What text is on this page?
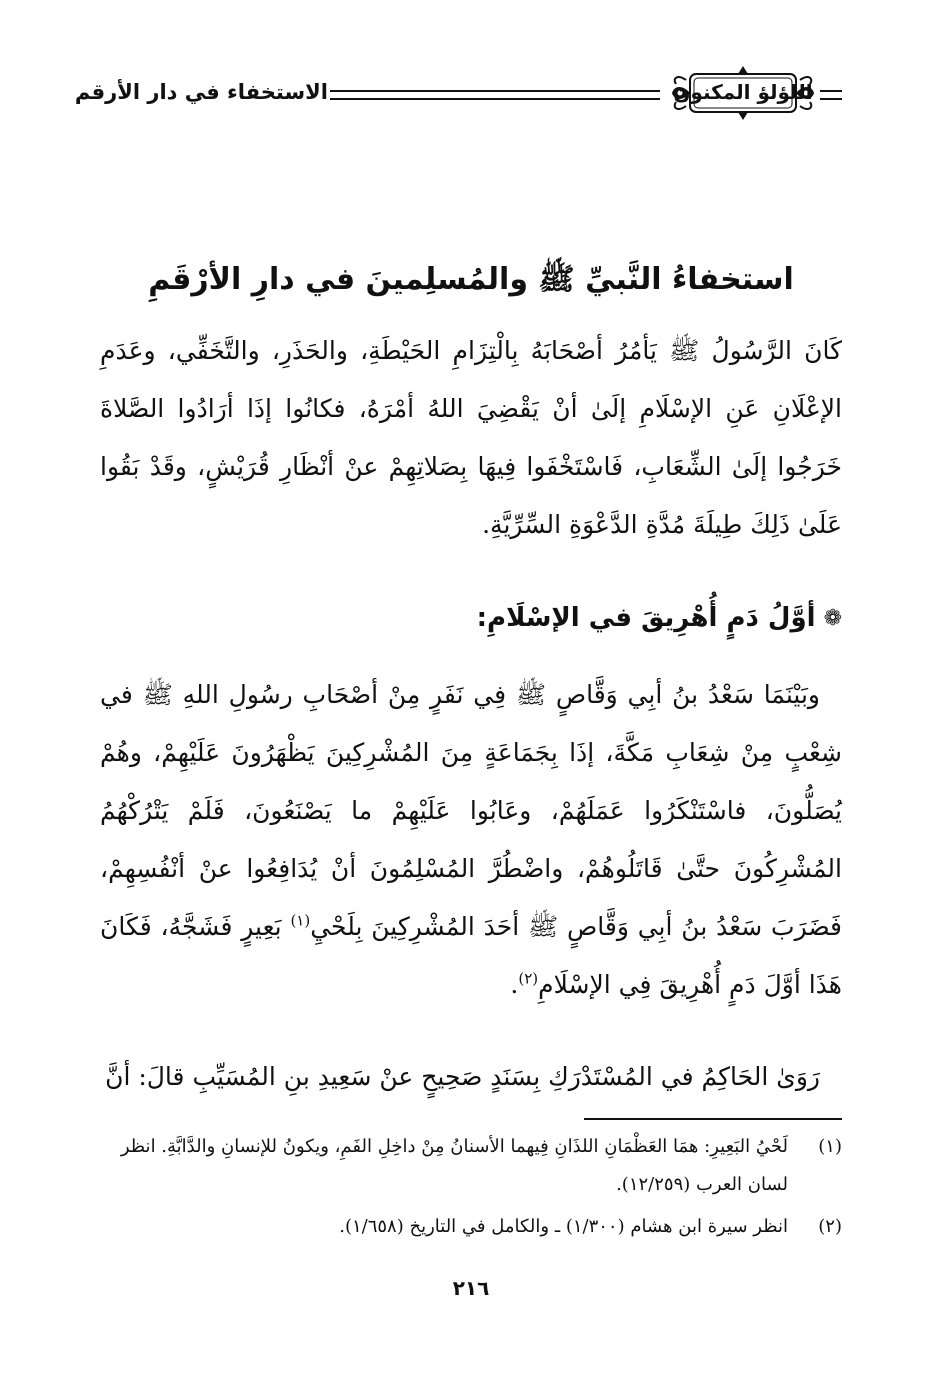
الاستخفاء في دار الأرقم	اللؤلؤ المكنون
استخفاءُ النَّبيِّ ﷺ والمُسلِمينَ في دارِ الأرْقَمِ

كَانَ الرَّسُولُ ﷺ يَأمُرُ أصْحَابَهُ بِالْتِزَامِ الحَيْطَةِ، والحَذَرِ، والتَّخَفِّي، وعَدَمِ الإعْلَانِ عَنِ الإسْلَامِ إلَىٰ أنْ يَقْضِيَ اللهُ أمْرَهُ، فكانُوا إذَا أرَادُوا الصَّلاةَ خَرَجُوا إلَىٰ الشِّعَابِ، فَاسْتَخْفَوا فِيهَا بِصَلاتِهِمْ عنْ أنْظَارِ قُرَيْشٍ، وقَدْ بَقُوا عَلَىٰ ذَلِكَ طِيلَةَ مُدَّةِ الدَّعْوَةِ السِّرِّيَّةِ.

❁أوَّلُ دَمٍ أُهْرِيقَ في الإسْلَامِ:

وبَيْنَمَا سَعْدُ بنُ أبِي وَقَّاصٍ ﷺ فِي نَفَرٍ مِنْ أصْحَابِ رسُولِ اللهِ ﷺ في شِعْبٍ مِنْ شِعَابِ مَكَّةَ، إذَا بِجَمَاعَةٍ مِنَ المُشْرِكِينَ يَظْهَرُونَ عَلَيْهِمْ، وهُمْ يُصَلُّونَ، فاسْتَنْكَرُوا عَمَلَهُمْ، وعَابُوا عَلَيْهِمْ ما يَصْنَعُونَ، فَلَمْ يَتْرُكْهُمُ المُشْرِكُونَ حتَّىٰ قَاتَلُوهُمْ، واضْطُرَّ المُسْلِمُونَ أنْ يُدَافِعُوا عنْ أنْفُسِهِمْ، فَضَرَبَ سَعْدُ بنُ أبِي وَقَّاصٍ ﷺ أحَدَ المُشْرِكِينَ بِلَحْيِ$^{(١)}$ بَعِيرٍ فَشَجَّهُ، فَكَانَ هَذَا أوَّلَ دَمٍ أُهْرِيقَ فِي الإسْلَامِ$^{(٢)}$.

رَوَىٰ الحَاكِمُ في المُسْتَدْرَكِ بِسَنَدٍ صَحِيحٍ عنْ سَعِيدِ بنِ المُسَيِّبِ قالَ: أنَّ

(١)
لَحْيُ البَعِيرِ: همَا العَظْمَانِ اللذَانِ فِيهما الأسنانُ مِنْ داخِلِ الفَمِ، ويكونُ للإنسانِ والدَّابَّةِ. انظر لسان العرب (١٢/٢٥٩).
(٢)
انظر سيرة ابن هشام (١/٣٠٠) ـ والكامل في التاريخ (١/٦٥٨).
٢١٦
